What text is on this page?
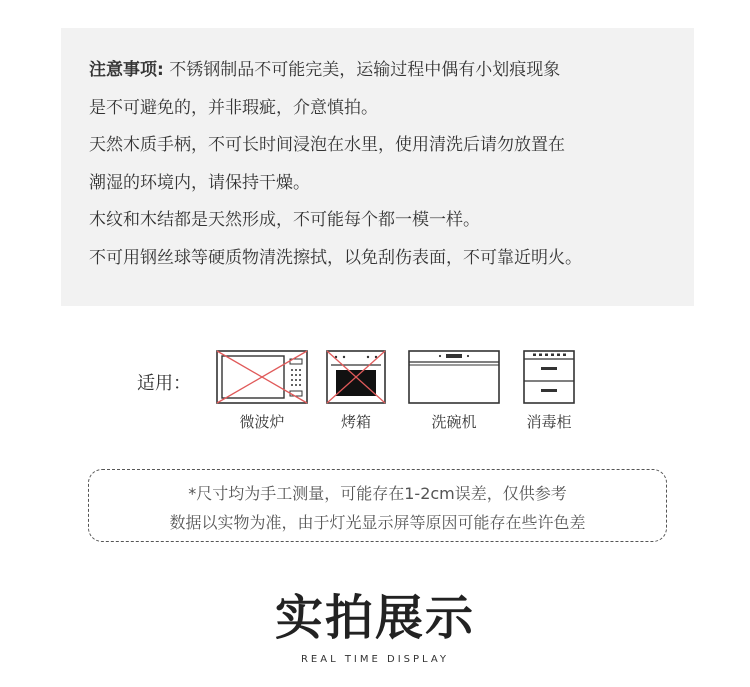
注意事项: 不锈钢制品不可能完美，运输过程中偶有小划痕现象

是不可避免的，并非瑕疵，介意慎拍。

天然木质手柄，不可长时间浸泡在水里，使用清洗后请勿放置在

潮湿的环境内，请保持干燥。

木纹和木结都是天然形成，不可能每个都一模一样。

不可用钢丝球等硬质物清洗擦拭，以免刮伤表面，不可靠近明火。

适用：
微波炉	烤箱	洗碗机	消毒柜

*尺寸均为手工测量，可能存在1-2cm误差，仅供参考

数据以实物为准，由于灯光显示屏等原因可能存在些许色差

实拍展示
REAL TIME DISPLAY
